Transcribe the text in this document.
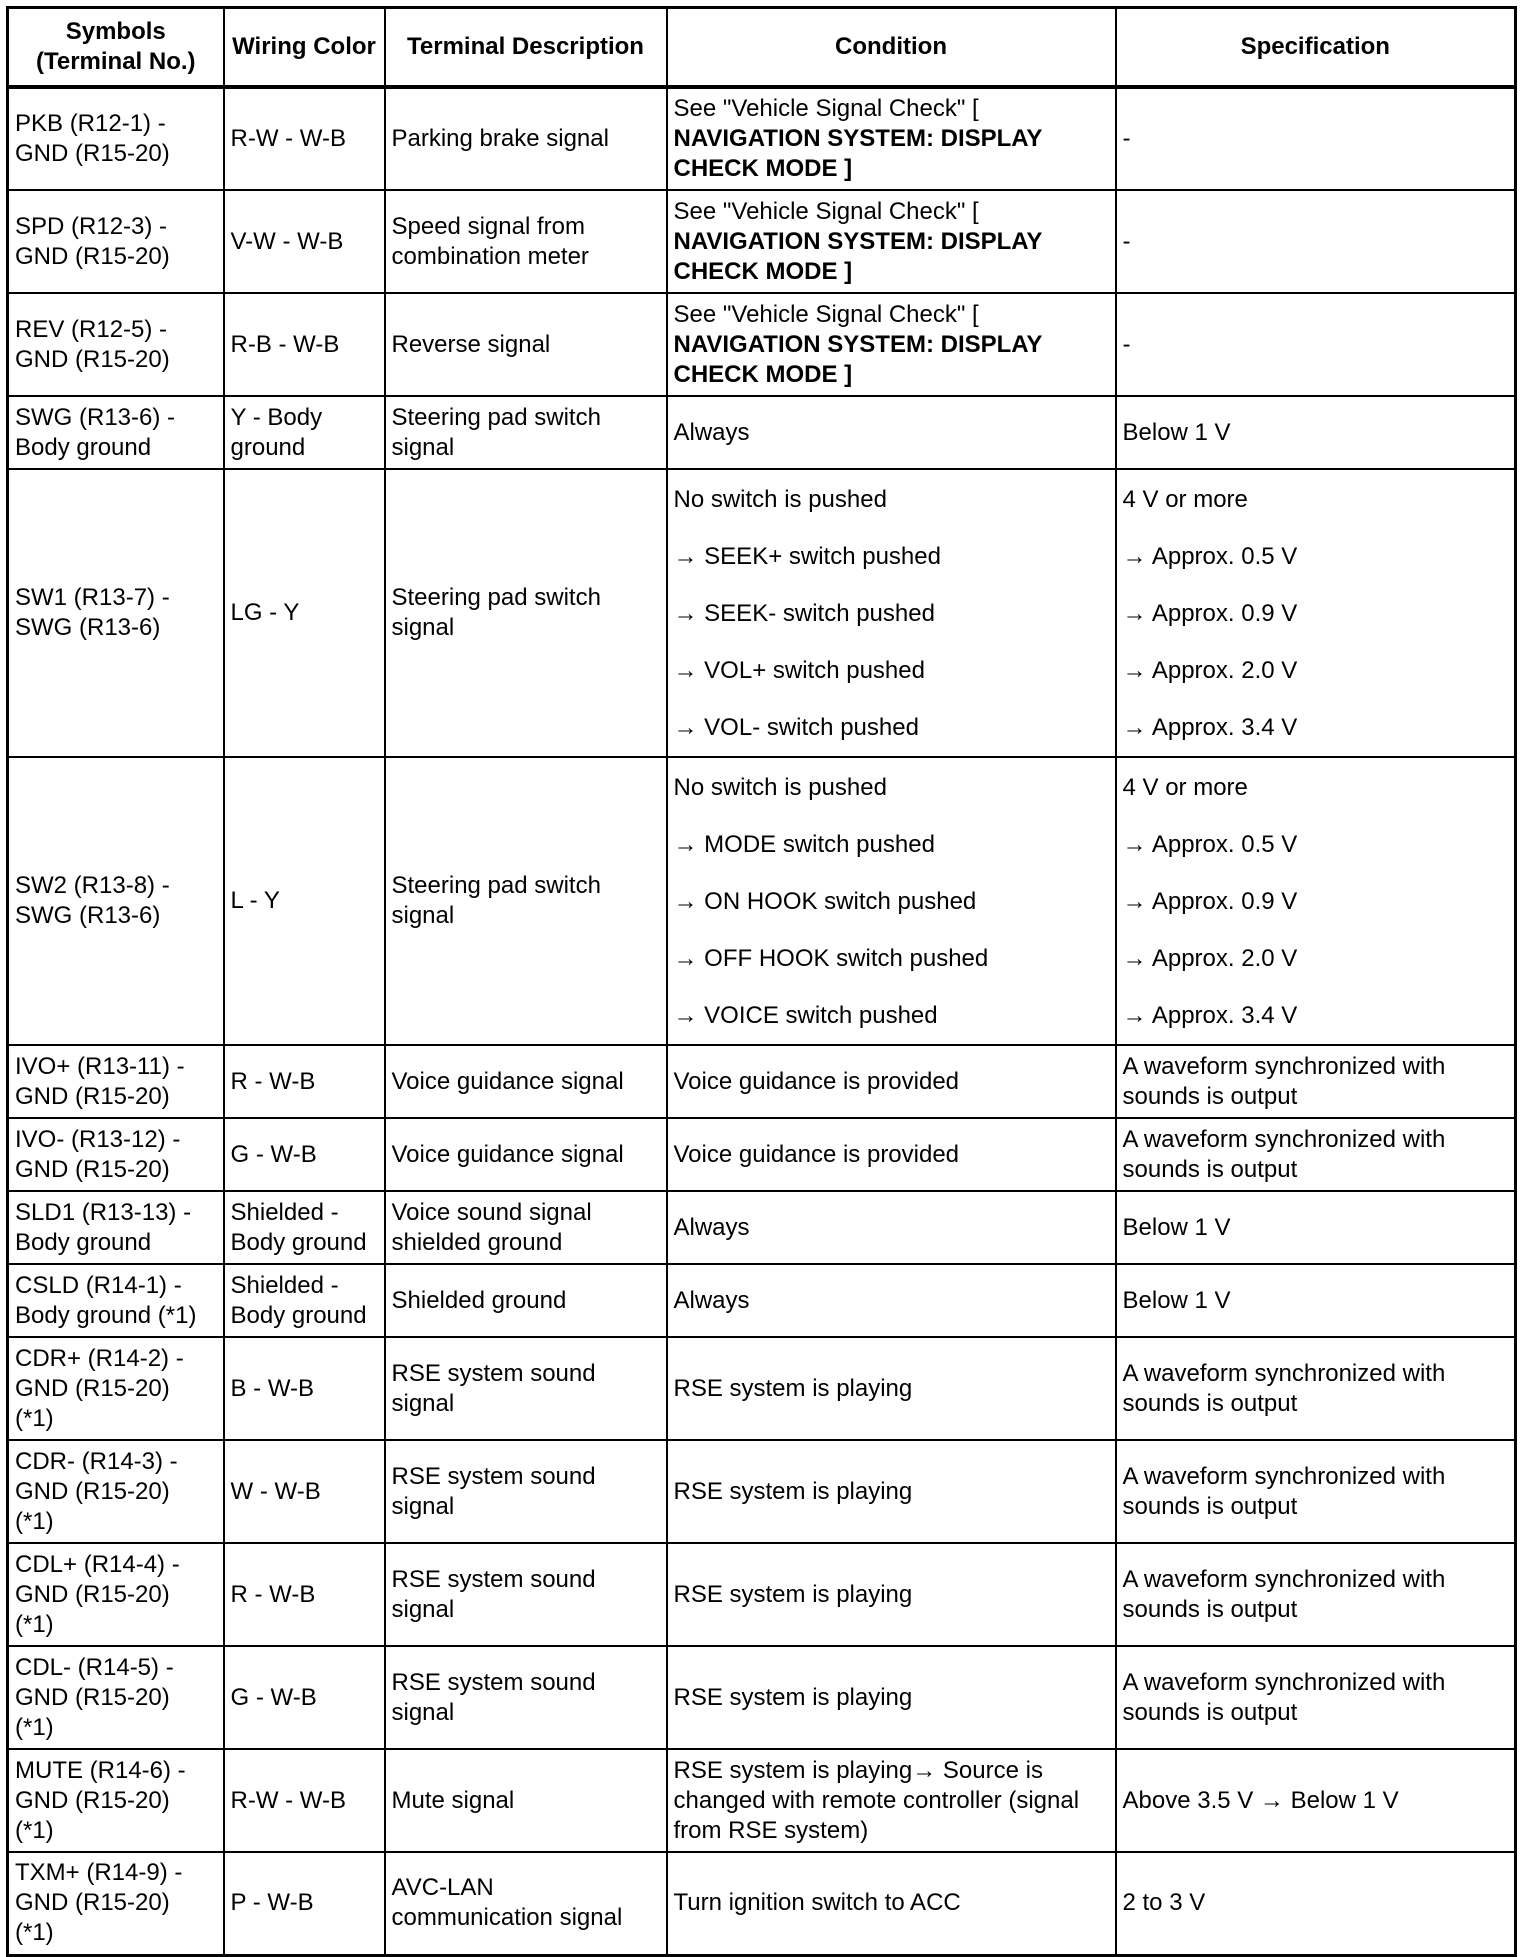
Symbols
(Terminal No.)	Wiring Color	Terminal Description	Condition	Specification
PKB (R12-1) -
GND (R15-20)	R-W - W-B	Parking brake signal	See "Vehicle Signal Check" [
NAVIGATION SYSTEM: DISPLAY CHECK MODE ]	-
SPD (R12-3) -
GND (R15-20)	V-W - W-B	Speed signal from
combination meter	See "Vehicle Signal Check" [
NAVIGATION SYSTEM: DISPLAY CHECK MODE ]	-
REV (R12-5) -
GND (R15-20)	R-B - W-B	Reverse signal	See "Vehicle Signal Check" [
NAVIGATION SYSTEM: DISPLAY CHECK MODE ]	-
SWG (R13-6) -
Body ground	Y - Body
ground	Steering pad switch
signal	Always	Below 1 V
SW1 (R13-7) -
SWG (R13-6)	LG - Y	Steering pad switch
signal	No switch is pushed	4 V or more
			→ SEEK+ switch pushed	→ Approx. 0.5 V
			→ SEEK- switch pushed	→ Approx. 0.9 V
			→ VOL+ switch pushed	→ Approx. 2.0 V
			→ VOL- switch pushed	→ Approx. 3.4 V
SW2 (R13-8) -
SWG (R13-6)	L - Y	Steering pad switch
signal	No switch is pushed	4 V or more
			→ MODE switch pushed	→ Approx. 0.5 V
			→ ON HOOK switch pushed	→ Approx. 0.9 V
			→ OFF HOOK switch pushed	→ Approx. 2.0 V
			→ VOICE switch pushed	→ Approx. 3.4 V
IVO+ (R13-11) -
GND (R15-20)	R - W-B	Voice guidance signal	Voice guidance is provided	A waveform synchronized with
sounds is output
IVO- (R13-12) -
GND (R15-20)	G - W-B	Voice guidance signal	Voice guidance is provided	A waveform synchronized with
sounds is output
SLD1 (R13-13) -
Body ground	Shielded -
Body ground	Voice sound signal
shielded ground	Always	Below 1 V
CSLD (R14-1) -
Body ground (*1)	Shielded -
Body ground	Shielded ground	Always	Below 1 V
CDR+ (R14-2) -
GND (R15-20)
(*1)	B - W-B	RSE system sound
signal	RSE system is playing	A waveform synchronized with
sounds is output
CDR- (R14-3) -
GND (R15-20)
(*1)	W - W-B	RSE system sound
signal	RSE system is playing	A waveform synchronized with
sounds is output
CDL+ (R14-4) -
GND (R15-20)
(*1)	R - W-B	RSE system sound
signal	RSE system is playing	A waveform synchronized with
sounds is output
CDL- (R14-5) -
GND (R15-20)
(*1)	G - W-B	RSE system sound
signal	RSE system is playing	A waveform synchronized with
sounds is output
MUTE (R14-6) -
GND (R15-20)
(*1)	R-W - W-B	Mute signal	RSE system is playing→ Source is
changed with remote controller (signal
from RSE system)	Above 3.5 V → Below 1 V
TXM+ (R14-9) -
GND (R15-20)
(*1)	P - W-B	AVC-LAN
communication signal	Turn ignition switch to ACC	2 to 3 V
